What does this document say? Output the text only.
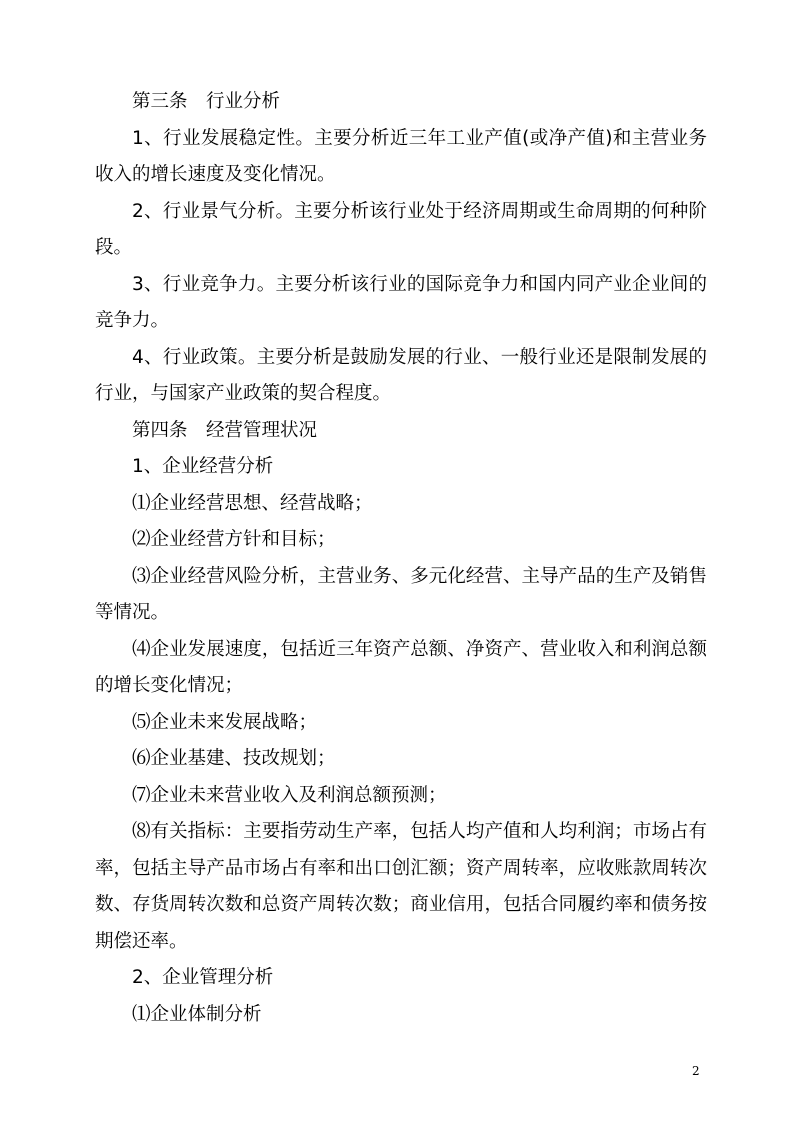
第三条　行业分析

1、行业发展稳定性。主要分析近三年工业产值(或净产值)和主营业务收入的增长速度及变化情况。

2、行业景气分析。主要分析该行业处于经济周期或生命周期的何种阶段。

3、行业竞争力。主要分析该行业的国际竞争力和国内同产业企业间的竞争力。

4、行业政策。主要分析是鼓励发展的行业、一般行业还是限制发展的行业，与国家产业政策的契合程度。

第四条　经营管理状况

1、企业经营分析

⑴企业经营思想、经营战略；

⑵企业经营方针和目标；

⑶企业经营风险分析，主营业务、多元化经营、主导产品的生产及销售等情况。

⑷企业发展速度，包括近三年资产总额、净资产、营业收入和利润总额的增长变化情况；

⑸企业未来发展战略；

⑹企业基建、技改规划；

⑺企业未来营业收入及利润总额预测；

⑻有关指标：主要指劳动生产率，包括人均产值和人均利润；市场占有率，包括主导产品市场占有率和出口创汇额；资产周转率，应收账款周转次数、存货周转次数和总资产周转次数；商业信用，包括合同履约率和债务按期偿还率。

2、企业管理分析

⑴企业体制分析

2
